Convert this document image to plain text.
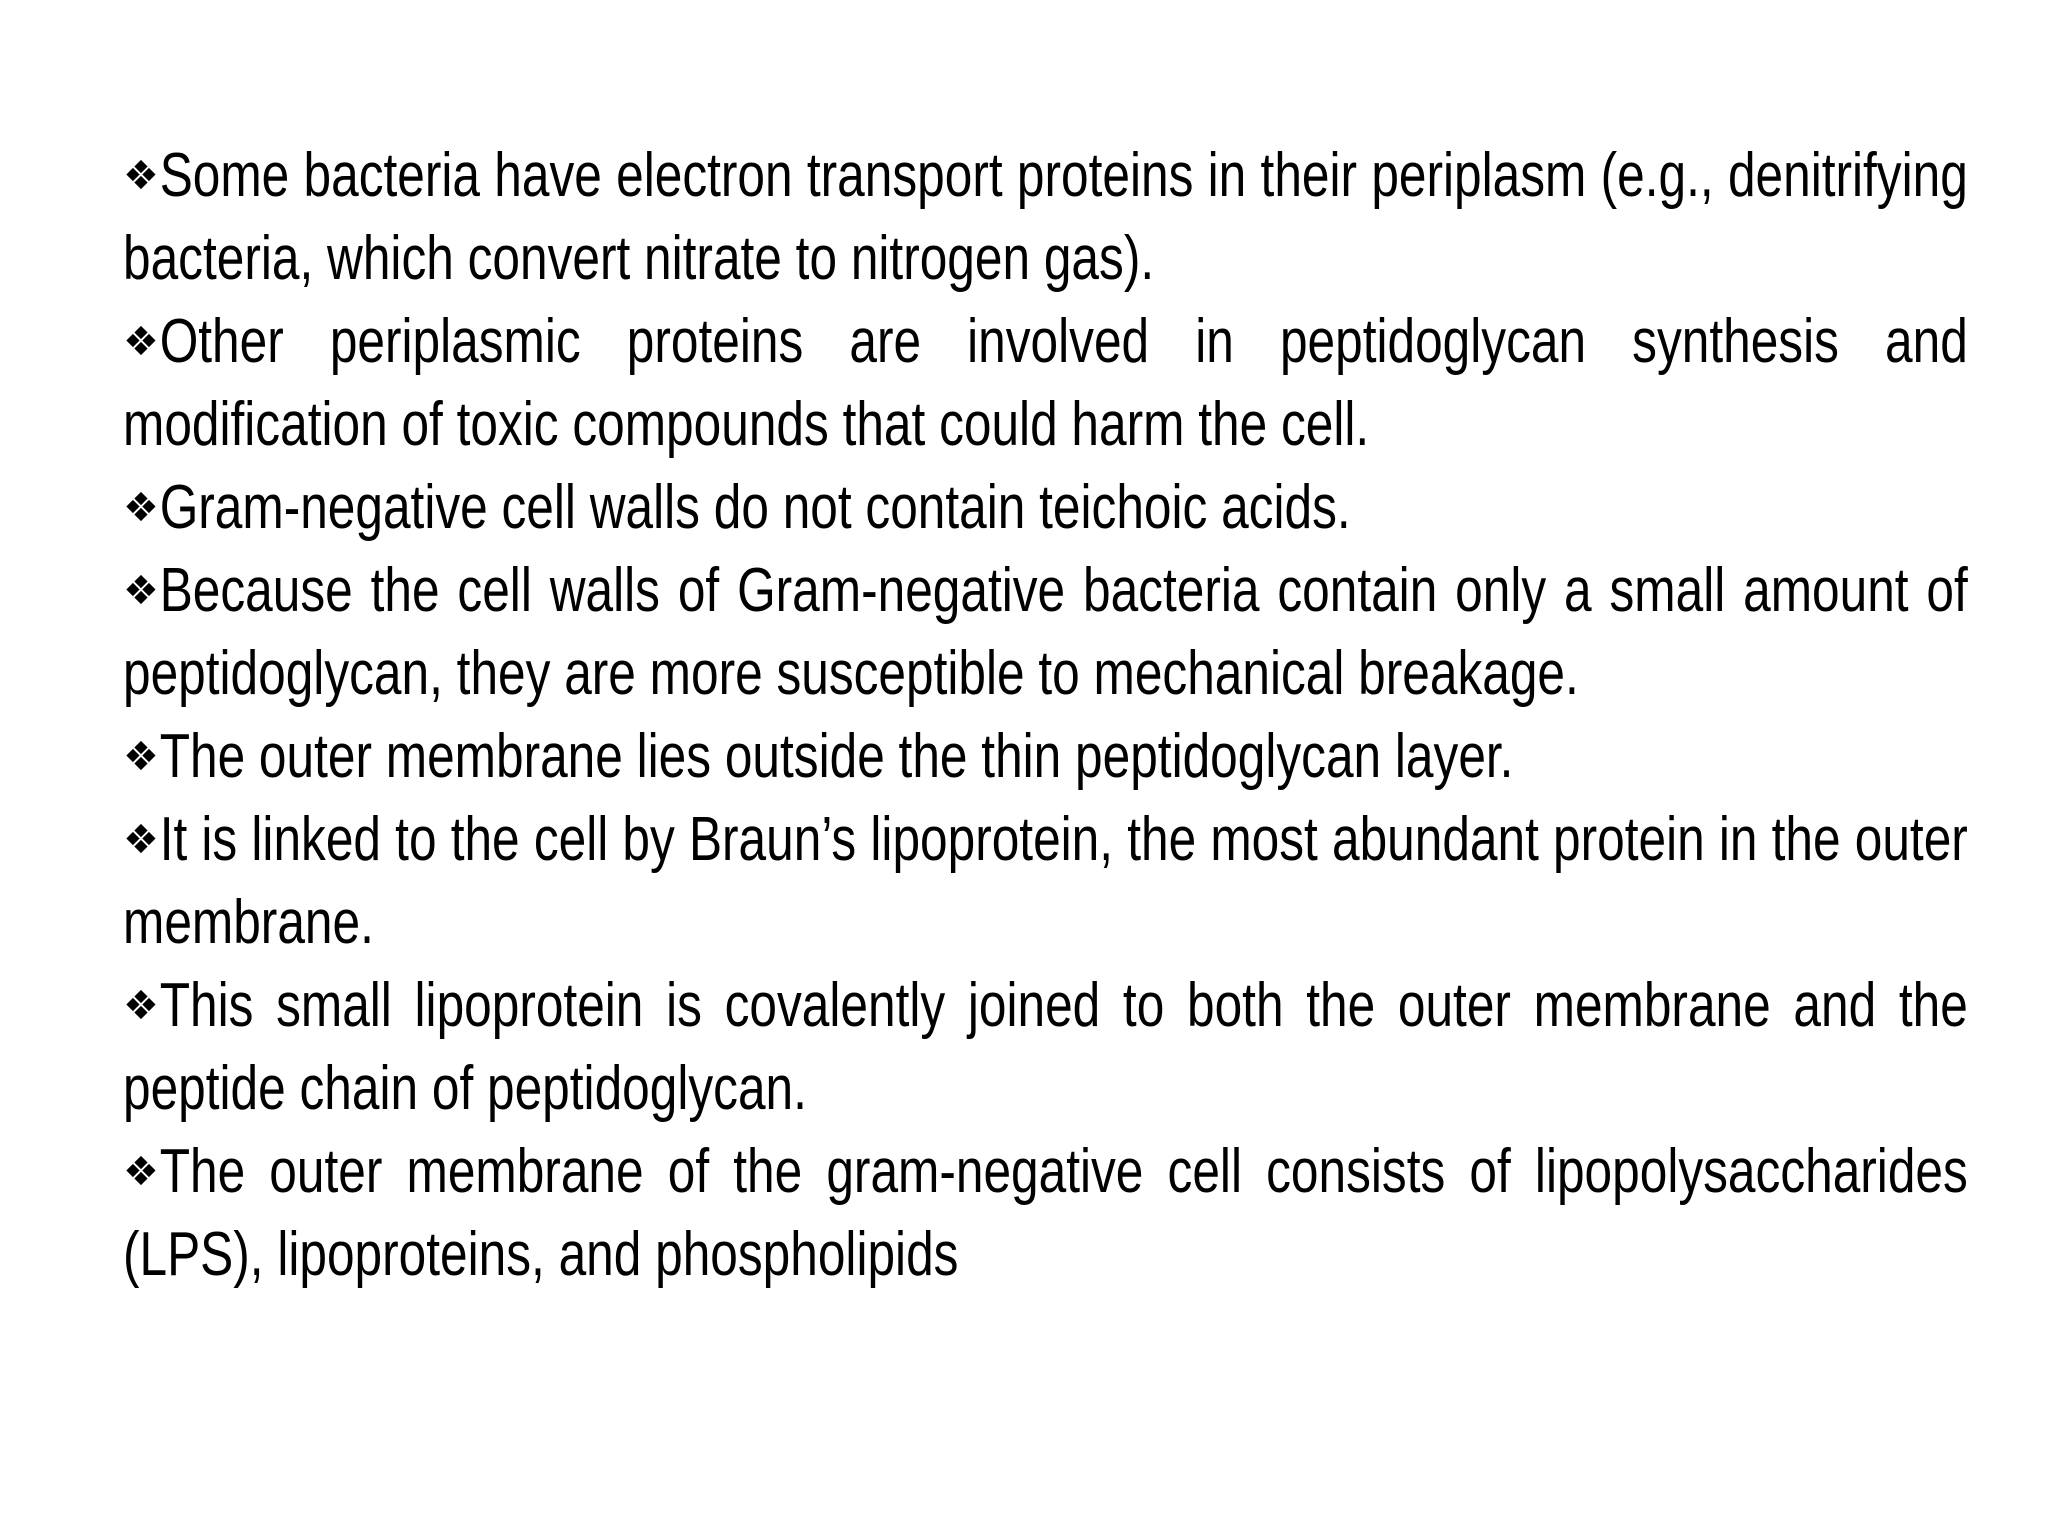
❖Some bacteria have electron transport proteins in their periplasm (e.g., denitrifying bacteria, which convert nitrate to nitrogen gas).
❖Other periplasmic proteins are involved in peptidoglycan synthesis and modification of toxic compounds that could harm the cell.
❖Gram-negative cell walls do not contain teichoic acids.
❖Because the cell walls of Gram-negative bacteria contain only a small amount of peptidoglycan, they are more susceptible to mechanical breakage.
❖The outer membrane lies outside the thin peptidoglycan layer.
❖It is linked to the cell by Braun’s lipoprotein, the most abundant protein in the outer membrane.
❖This small lipoprotein is covalently joined to both the outer membrane and the peptide chain of peptidoglycan.
❖The outer membrane of the gram-negative cell consists of lipopolysaccharides (LPS), lipoproteins, and phospholipids
